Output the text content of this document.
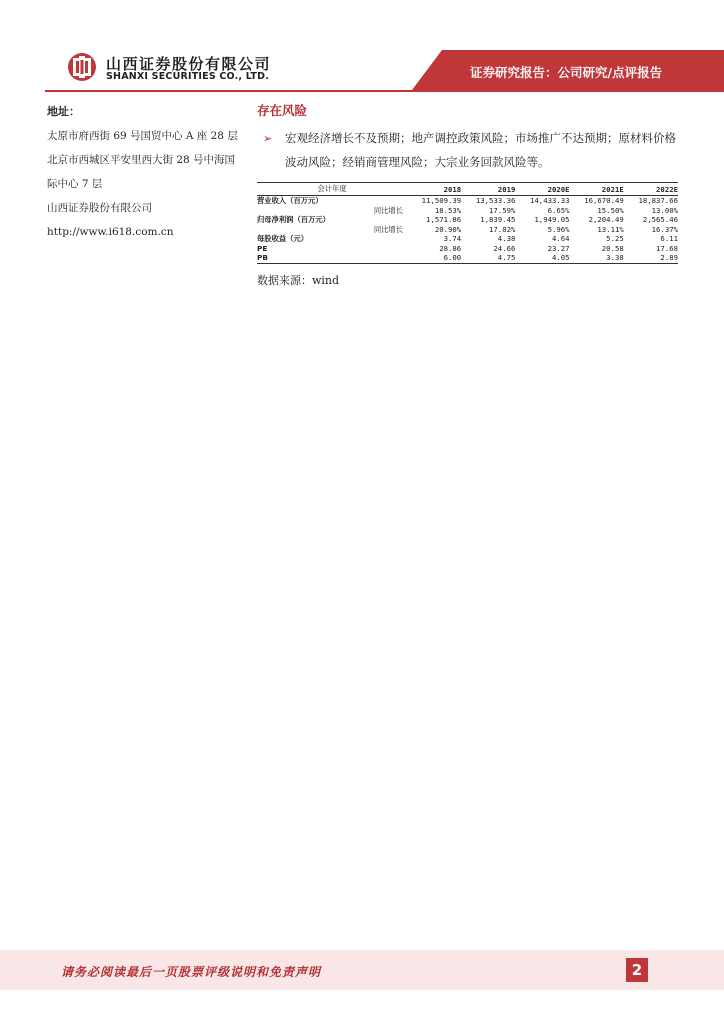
山西证券股份有限公司
SHANXI SECURITIES CO., LTD.	证券研究报告：公司研究/点评报告
地址：
太原市府西街 69 号国贸中心 A 座 28 层
北京市西城区平安里西大街 28 号中海国
际中心 7 层
山西证券股份有限公司
http://www.i618.com.cn
存在风险
➢ 宏观经济增长不及预期；地产调控政策风险；市场推广不达预期；原材料价格波动风险；经销商管理风险；大宗业务回款风险等。
会计年度	2018	2019	2020E	2021E	2022E
营业收入（百万元）	11,509.39	13,533.36	14,433.33	16,670.49	18,837.66
同比增长	18.53%	17.59%	6.65%	15.50%	13.00%
归母净利润（百万元）	1,571.86	1,839.45	1,949.05	2,204.49	2,565.46
同比增长	20.90%	17.02%	5.96%	13.11%	16.37%
每股收益（元）	3.74	4.38	4.64	5.25	6.11
PE	28.86	24.66	23.27	20.58	17.68
PB	6.00	4.75	4.05	3.38	2.89
数据来源：wind
请务必阅读最后一页股票评级说明和免责声明	2
